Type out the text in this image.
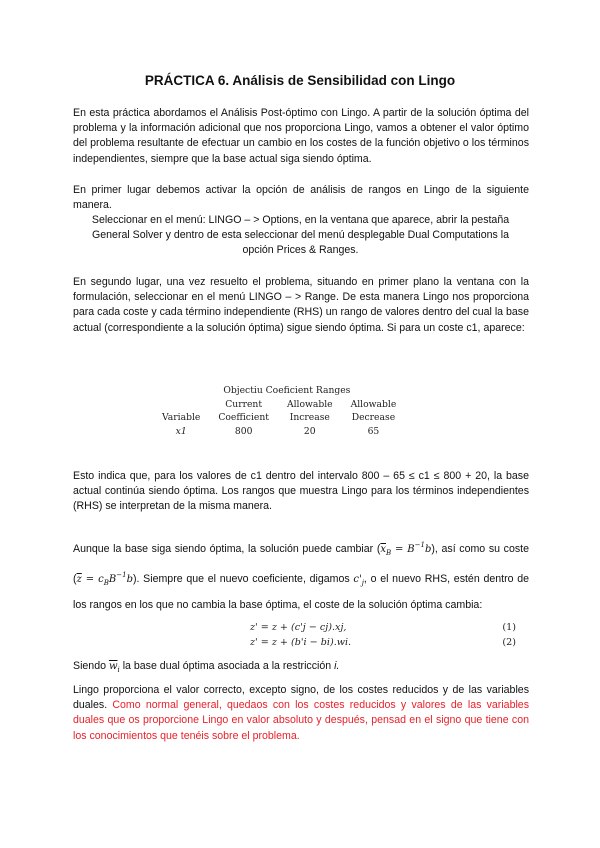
PRÁCTICA 6. Análisis de Sensibilidad con Lingo

En esta práctica abordamos el Análisis Post-óptimo con Lingo. A partir de la solución óptima del problema y la información adicional que nos proporciona Lingo, vamos a obtener el valor óptimo del problema resultante de efectuar un cambio en los costes de la función objetivo o los términos independientes, siempre que la base actual siga siendo óptima.

En primer lugar debemos activar la opción de análisis de rangos en Lingo de la siguiente manera.

Seleccionar en el menú: LINGO – > Options, en la ventana que aparece, abrir la pestaña General Solver y dentro de esta seleccionar del menú desplegable Dual Computations la opción Prices & Ranges.

En segundo lugar, una vez resuelto el problema, situando en primer plano la ventana con la formulación, seleccionar en el menú LINGO – > Range. De esta manera Lingo nos proporciona para cada coste y cada término independiente (RHS) un rango de valores dentro del cual la base actual (correspondiente a la solución óptima) sigue siendo óptima. Si para un coste c1, aparece:

	Objectiu Coeficient Ranges		
	Current	Allowable	Allowable
Variable	Coefficient	Increase	Decrease
x1	800	20	65

Esto indica que, para los valores de c1 dentro del intervalo 800 – 65 ≤ c1 ≤ 800 + 20, la base actual continúa siendo óptima. Los rangos que muestra Lingo para los términos independientes (RHS) se interpretan de la misma manera.

Aunque la base siga siendo óptima, la solución puede cambiar $(\overline{x}_B = B^{-1}b)$, así como su coste $(\overline{z} = c_BB^{-1}b)$. Siempre que el nuevo coeficiente, digamos $c'_j$, o el nuevo RHS, estén dentro de los rangos en los que no cambia la base óptima, el coste de la solución óptima cambia:

z' = z + (c'j − cj).xj,	(1)
z' = z + (b'i − bi).wi.	(2)

Siendo $\overline{w}_i$ la base dual óptima asociada a la restricción i.

Lingo proporciona el valor correcto, excepto signo, de los costes reducidos y de las variables duales. Como normal general, quedaos con los costes reducidos y valores de las variables duales que os proporcione Lingo en valor absoluto y después, pensad en el signo que tiene con los conocimientos que tenéis sobre el problema.
